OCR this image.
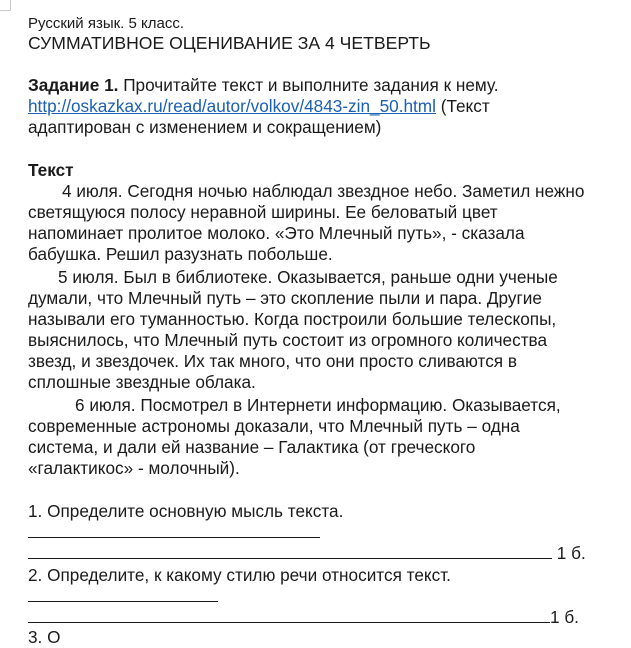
Русский язык. 5 класс.
СУММАТИВНОЕ ОЦЕНИВАНИЕ ЗА 4 ЧЕТВЕРТЬ
Задание 1. Прочитайте текст и выполните задания к нему.
http://oskazkax.ru/read/autor/volkov/4843-zin_50.html (Текст
адаптирован с изменением и сокращением)
Текст
4 июля. Сегодня ночью наблюдал звездное небо. Заметил нежно
светящуюся полосу неравной ширины. Ее беловатый цвет
напоминает пролитое молоко. «Это Млечный путь», - сказала
бабушка. Решил разузнать побольше.
5 июля. Был в библиотеке. Оказывается, раньше одни ученые
думали, что Млечный путь – это скопление пыли и пара. Другие
называли его туманностью. Когда построили большие телескопы,
выяснилось, что Млечный путь состоит из огромного количества
звезд, и звездочек. Их так много, что они просто сливаются в
сплошные звездные облака.
6 июля. Посмотрел в Интернети информацию. Оказывается,
современные астрономы доказали, что Млечный путь – одна
система, и дали ей название – Галактика (от греческого
«галактикос» - молочный).
1. Определите основную мысль текста.
1 б.
2. Определите, к какому стилю речи относится текст.
1 б.
3. О
